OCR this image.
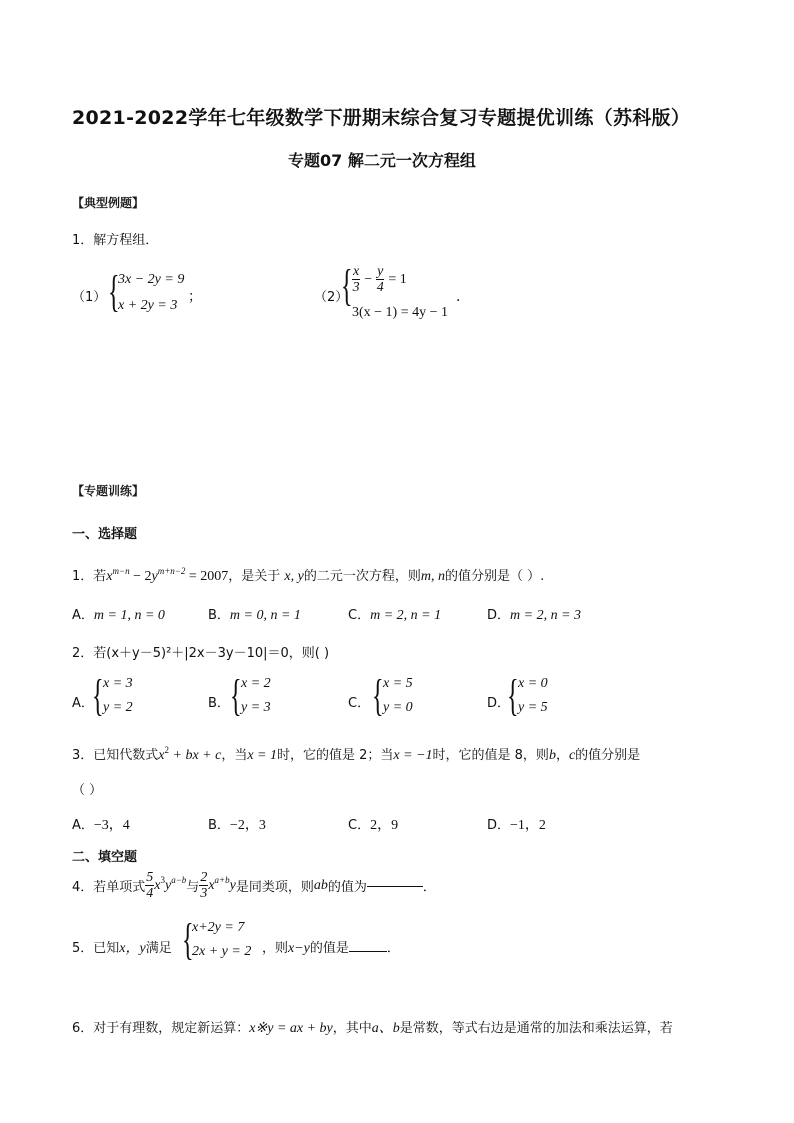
2021-2022学年七年级数学下册期末综合复习专题提优训练（苏科版）
专题07 解二元一次方程组
【典型例题】
1．解方程组．
（1） {
3x − 2y = 9
x + 2y = 3
；	（2）
{ $\frac{x}{3} - \frac{y}{4} = 1$
3(x − 1) = 4y − 1
．
【专题训练】
一、选择题
1．若$x^{m-n} - 2y^{m+n-2} = 2007$，是关于 x, y的二元一次方程，则m, n的值分别是（ ）.
A．m = 1, n = 0	B．m = 0, n = 1	C．m = 2, n = 1	D．m = 2, n = 3
2．若(x＋y－5)²＋|2x－3y－10|＝0，则( )
A．
{ x = 3
y = 2	B． { x = 2
y = 3	C． { x = 5
y = 0	D．
{ x = 0
y = 5
3．已知代数式$x^2$ + bx + c，当x = 1时，它的值是 2；当x = −1时，它的值是 8，则b，c的值分别是
（ ）
A．−3，4	B．−2，3	C．2，9	D．−1，2
二、填空题
4．若单项式 $\frac{5}{4}$ x 3 y a−b
与 $\frac{2}{3}$ x a+b y 是同类项，则 ab 的值为	．
5．已知x，y满足 {
x+2y = 7
2x + y = 2 ，则x−y的值是	．
6．对于有理数，规定新运算：x※y = ax + by，其中a、b是常数，等式右边是通常的加法和乘法运算，若
